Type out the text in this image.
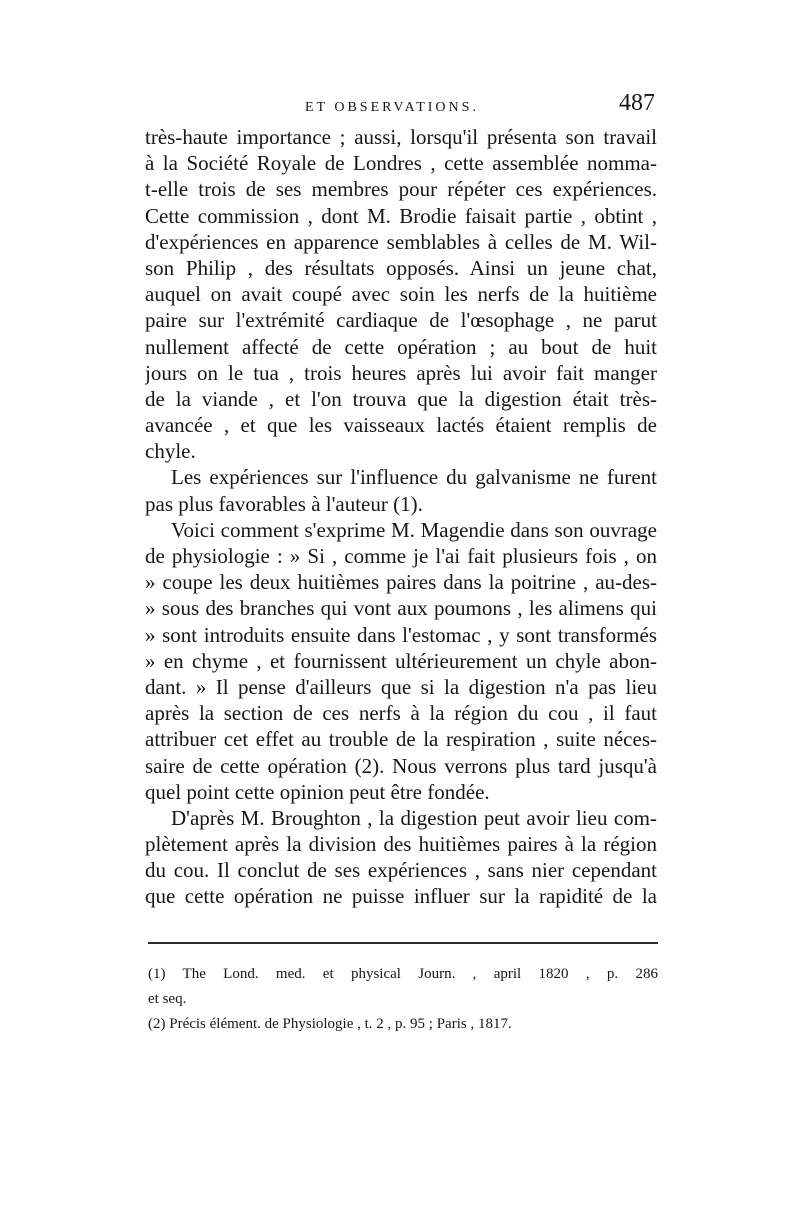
ET OBSERVATIONS.	487
très-haute importance ; aussi, lorsqu'il présenta son travail
à la Société Royale de Londres , cette assemblée nomma-
t-elle trois de ses membres pour répéter ces expériences.
Cette commission , dont M. Brodie faisait partie , obtint ,
d'expériences en apparence semblables à celles de M. Wil-
son Philip , des résultats opposés. Ainsi un jeune chat,
auquel on avait coupé avec soin les nerfs de la huitième
paire sur l'extrémité cardiaque de l'œsophage , ne parut
nullement affecté de cette opération ; au bout de huit
jours on le tua , trois heures après lui avoir fait manger
de la viande , et l'on trouva que la digestion était très-
avancée , et que les vaisseaux lactés étaient remplis de
chyle.
Les expériences sur l'influence du galvanisme ne furent
pas plus favorables à l'auteur (1).
Voici comment s'exprime M. Magendie dans son ouvrage
de physiologie : » Si , comme je l'ai fait plusieurs fois , on
» coupe les deux huitièmes paires dans la poitrine , au-des-
» sous des branches qui vont aux poumons , les alimens qui
» sont introduits ensuite dans l'estomac , y sont transformés
» en chyme , et fournissent ultérieurement un chyle abon-
dant. » Il pense d'ailleurs que si la digestion n'a pas lieu
après la section de ces nerfs à la région du cou , il faut
attribuer cet effet au trouble de la respiration , suite néces-
saire de cette opération (2). Nous verrons plus tard jusqu'à
quel point cette opinion peut être fondée.
D'après M. Broughton , la digestion peut avoir lieu com-
plètement après la division des huitièmes paires à la région
du cou. Il conclut de ses expériences , sans nier cependant
que cette opération ne puisse influer sur la rapidité de la
(1) The Lond. med. et physical Journ. , april 1820 , p. 286
et seq.
(2) Précis élément. de Physiologie , t. 2 , p. 95 ; Paris , 1817.
